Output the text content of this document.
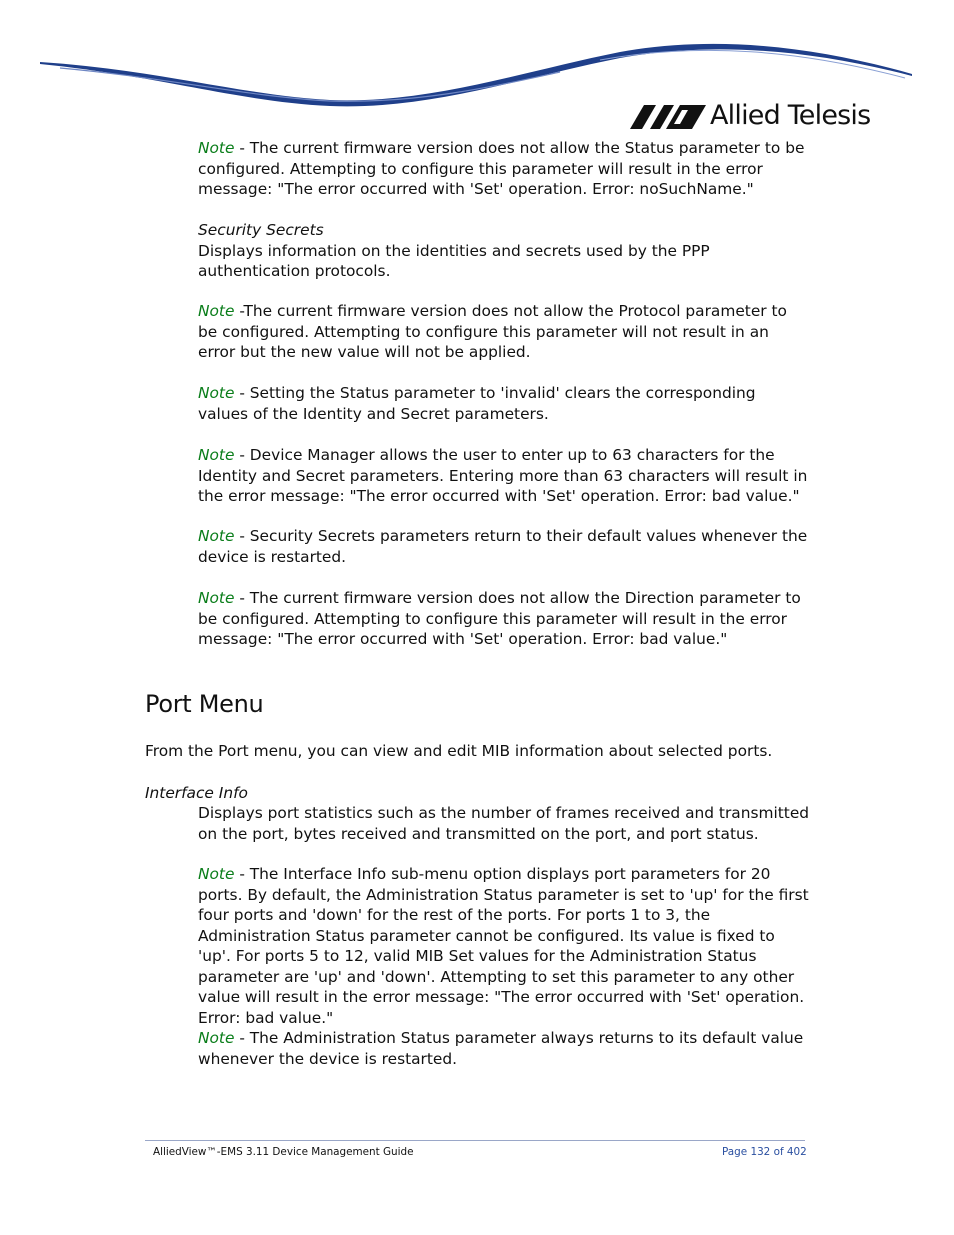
Allied Telesis

Note - The current firmware version does not allow the Status parameter to be configured. Attempting to configure this parameter will result in the error message: "The error occurred with 'Set' operation. Error: noSuchName."

Security Secrets

Displays information on the identities and secrets used by the PPP authentication protocols.

Note -The current firmware version does not allow the Protocol parameter to be configured. Attempting to configure this parameter will not result in an error but the new value will not be applied.

Note - Setting the Status parameter to 'invalid' clears the corresponding values of the Identity and Secret parameters.

Note - Device Manager allows the user to enter up to 63 characters for the Identity and Secret parameters. Entering more than 63 characters will result in the error message: "The error occurred with 'Set' operation. Error: bad value."

Note - Security Secrets parameters return to their default values whenever the device is restarted.

Note - The current firmware version does not allow the Direction parameter to be configured. Attempting to configure this parameter will result in the error message: "The error occurred with 'Set' operation. Error: bad value."

Port Menu

From the Port menu, you can view and edit MIB information about selected ports.

Interface Info

Displays port statistics such as the number of frames received and transmitted on the port, bytes received and transmitted on the port, and port status.

Note - The Interface Info sub-menu option displays port parameters for 20 ports. By default, the Administration Status parameter is set to 'up' for the first four ports and 'down' for the rest of the ports. For ports 1 to 3, the Administration Status parameter cannot be configured. Its value is fixed to 'up'. For ports 5 to 12, valid MIB Set values for the Administration Status parameter are 'up' and 'down'. Attempting to set this parameter to any other value will result in the error message: "The error occurred with 'Set' operation. Error: bad value."

Note - The Administration Status parameter always returns to its default value whenever the device is restarted.

AlliedView™-EMS 3.11 Device Management Guide	Page 132 of 402
